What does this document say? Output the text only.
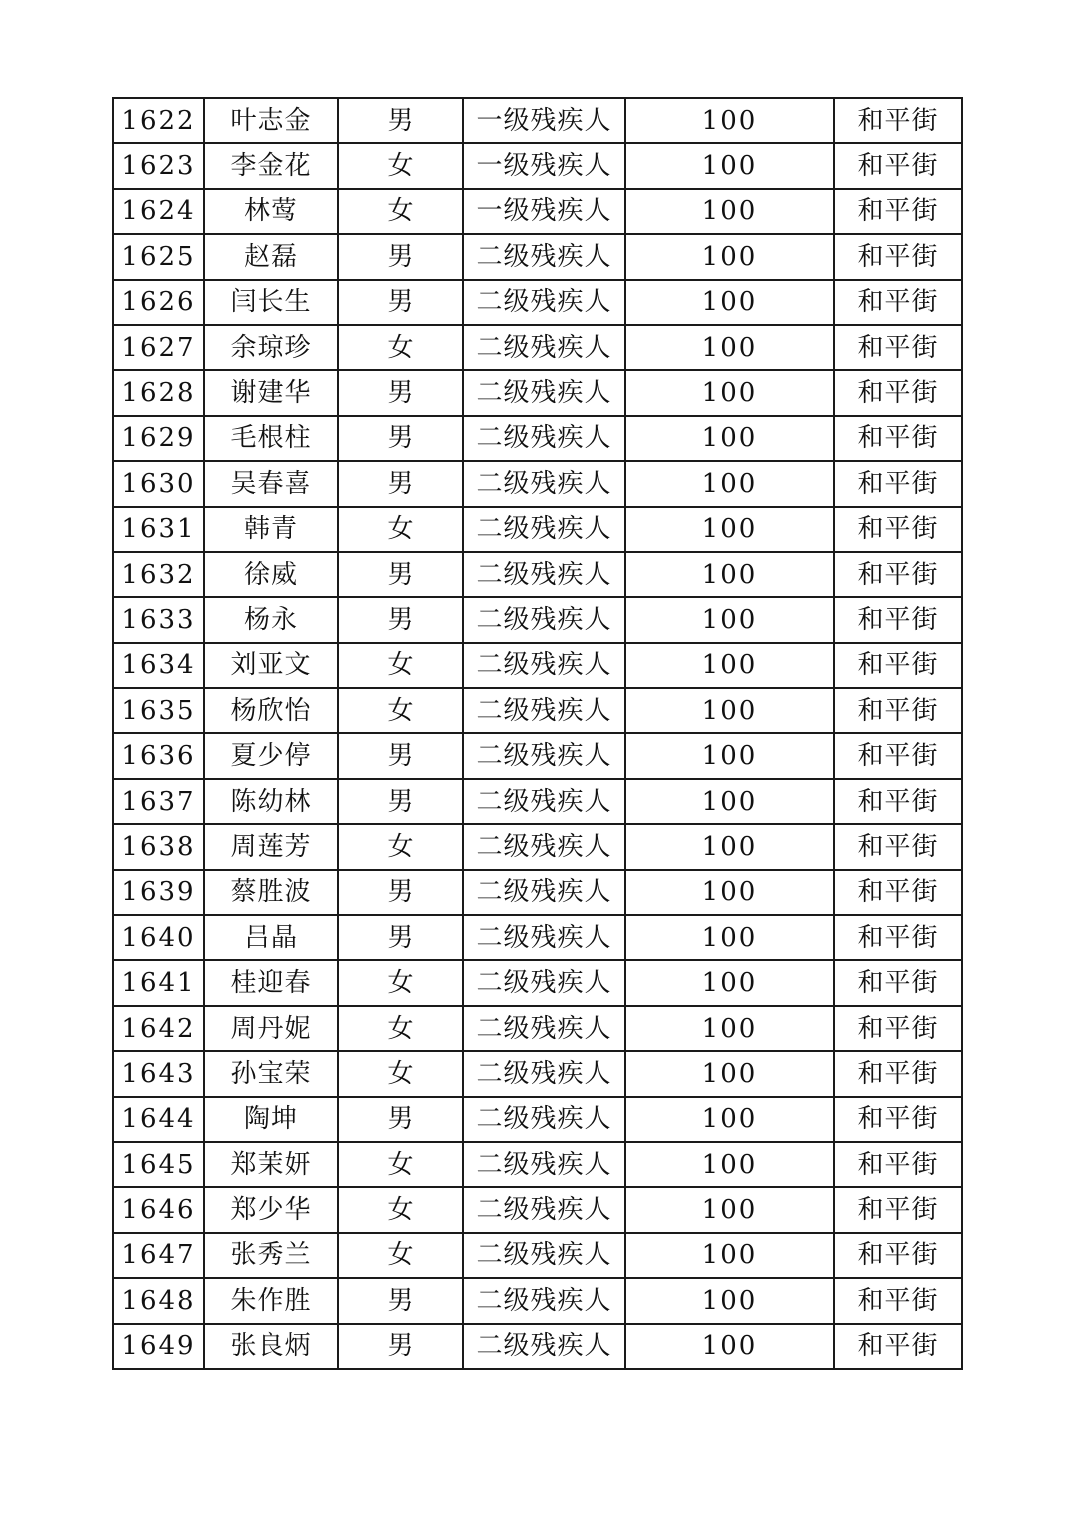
1622	叶志金	男	一级残疾人	100	和平街
1623	李金花	女	一级残疾人	100	和平街
1624	林莺	女	一级残疾人	100	和平街
1625	赵磊	男	二级残疾人	100	和平街
1626	闫长生	男	二级残疾人	100	和平街
1627	余琼珍	女	二级残疾人	100	和平街
1628	谢建华	男	二级残疾人	100	和平街
1629	毛根柱	男	二级残疾人	100	和平街
1630	吴春喜	男	二级残疾人	100	和平街
1631	韩青	女	二级残疾人	100	和平街
1632	徐威	男	二级残疾人	100	和平街
1633	杨永	男	二级残疾人	100	和平街
1634	刘亚文	女	二级残疾人	100	和平街
1635	杨欣怡	女	二级残疾人	100	和平街
1636	夏少停	男	二级残疾人	100	和平街
1637	陈幼林	男	二级残疾人	100	和平街
1638	周莲芳	女	二级残疾人	100	和平街
1639	蔡胜波	男	二级残疾人	100	和平街
1640	吕晶	男	二级残疾人	100	和平街
1641	桂迎春	女	二级残疾人	100	和平街
1642	周丹妮	女	二级残疾人	100	和平街
1643	孙宝荣	女	二级残疾人	100	和平街
1644	陶坤	男	二级残疾人	100	和平街
1645	郑茉妍	女	二级残疾人	100	和平街
1646	郑少华	女	二级残疾人	100	和平街
1647	张秀兰	女	二级残疾人	100	和平街
1648	朱作胜	男	二级残疾人	100	和平街
1649	张良炳	男	二级残疾人	100	和平街
